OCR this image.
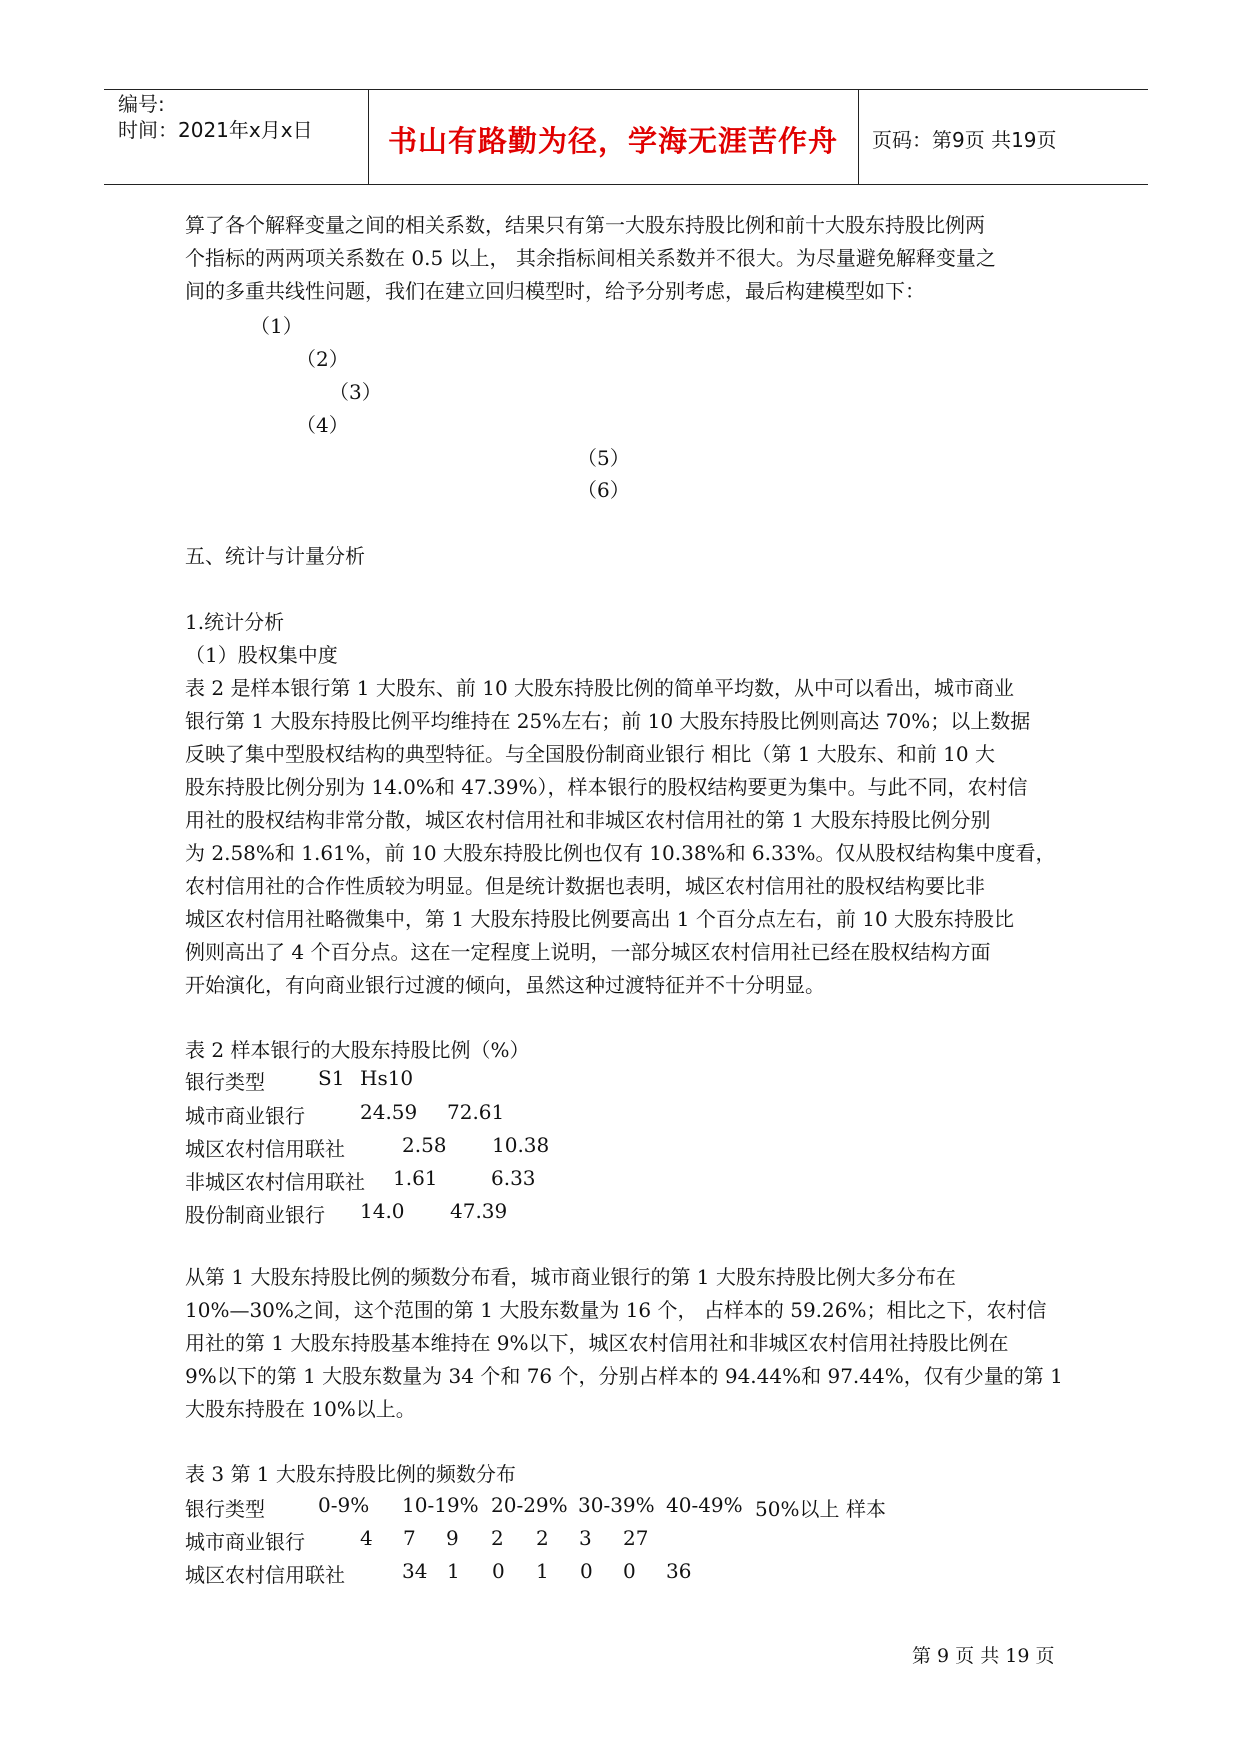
编号:
时间：2021年x月x日	书山有路勤为径，学海无涯苦作舟	页码：第9页 共19页
算了各个解释变量之间的相关系数，结果只有第一大股东持股比例和前十大股东持股比例两
个指标的两两项关系数在 0.5 以上， 其余指标间相关系数并不很大。为尽量避免解释变量之
间的多重共线性问题，我们在建立回归模型时，给予分别考虑，最后构建模型如下：
（1）
（2）
（3）
（4）
（5）
（6）
五、统计与计量分析
1.统计分析
（1）股权集中度
表 2 是样本银行第 1 大股东、前 10 大股东持股比例的简单平均数，从中可以看出，城市商业
银行第 1 大股东持股比例平均维持在 25%左右；前 10 大股东持股比例则高达 70%；以上数据
反映了集中型股权结构的典型特征。与全国股份制商业银行 相比（第 1 大股东、和前 10 大
股东持股比例分别为 14.0%和 47.39%），样本银行的股权结构要更为集中。与此不同，农村信
用社的股权结构非常分散，城区农村信用社和非城区农村信用社的第 1 大股东持股比例分别
为 2.58%和 1.61%，前 10 大股东持股比例也仅有 10.38%和 6.33%。仅从股权结构集中度看，
农村信用社的合作性质较为明显。但是统计数据也表明，城区农村信用社的股权结构要比非
城区农村信用社略微集中，第 1 大股东持股比例要高出 1 个百分点左右，前 10 大股东持股比
例则高出了 4 个百分点。这在一定程度上说明，一部分城区农村信用社已经在股权结构方面
开始演化，有向商业银行过渡的倾向，虽然这种过渡特征并不十分明显。
表 2 样本银行的大股东持股比例（%）
银行类型	S1 Hs10
城市商业银行	24.59 72.61
城区农村信用联社	2.58 10.38
非城区农村信用联社 1.61	6.33
股份制商业银行 14.0 47.39
从第 1 大股东持股比例的频数分布看，城市商业银行的第 1 大股东持股比例大多分布在
10%—30%之间，这个范围的第 1 大股东数量为 16 个， 占样本的 59.26%；相比之下，农村信
用社的第 1 大股东持股基本维持在 9%以下，城区农村信用社和非城区农村信用社持股比例在
9%以下的第 1 大股东数量为 34 个和 76 个，分别占样本的 94.44%和 97.44%，仅有少量的第 1
大股东持股在 10%以上。
表 3 第 1 大股东持股比例的频数分布
银行类型	0-9% 10-19% 20-29% 30-39% 40-49% 50%以上 样本
城市商业银行	4 7 9 2 2 3 27
城区农村信用联社	34 1 0 1 0 0 36
第 9 页 共 19 页
